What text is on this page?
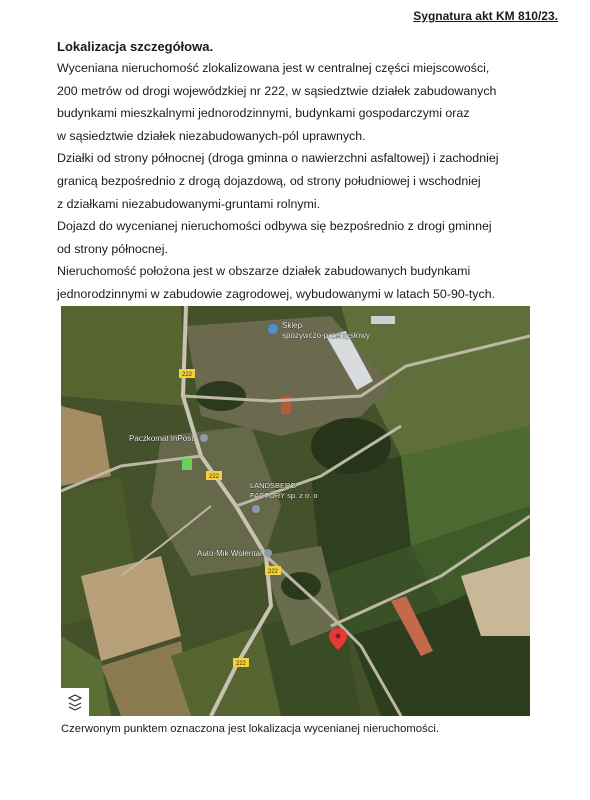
Sygnatura akt KM 810/23.
Lokalizacja szczegółowa.

Wyceniana nieruchomość zlokalizowana jest w centralnej części miejscowości,

200 metrów od drogi wojewódzkiej nr 222, w sąsiedztwie działek zabudowanych

budynkami mieszkalnymi jednorodzinnymi, budynkami gospodarczymi oraz

w sąsiedztwie działek niezabudowanych-pól uprawnych.

Działki od strony północnej (droga gminna o nawierzchni asfaltowej) i zachodniej

granicą bezpośrednio z drogą dojazdową, od strony południowej i wschodniej

z działkami niezabudowanymi-gruntami rolnymi.

Dojazd do wycenianej nieruchomości odbywa się bezpośrednio z drogi gminnej

od strony północnej.

Nieruchomość położona jest w obszarze działek zabudowanych budynkami

jednorodzinnymi w zabudowie zagrodowej, wybudowanymi w latach 50-90-tych.

222
222
222
222
Sklep
spożywczo-przemysłowy
Paczkomat InPost
LANDSBERG
FACTORY sp. z o. o
Auto-Mik Wolental
Czerwonym punktem oznaczona jest lokalizacja wycenianej nieruchomości.
